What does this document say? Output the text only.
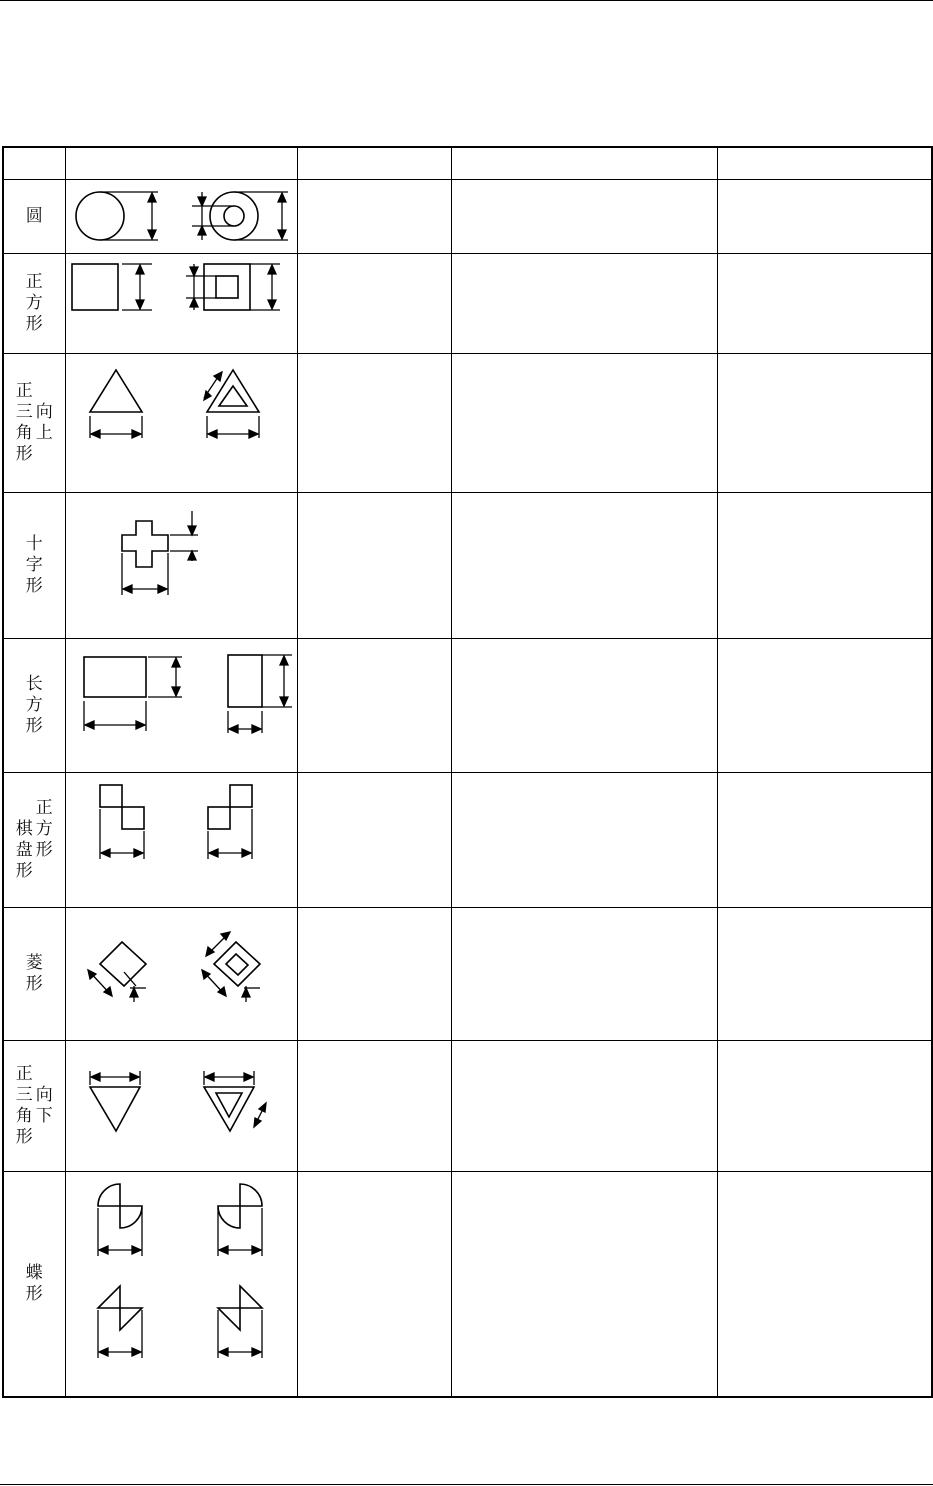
圆	

正方形	

正三角形
向上

十字形	

长方形	

棋盘形
正方形

菱形	

正三角形
向下

蝶形	
